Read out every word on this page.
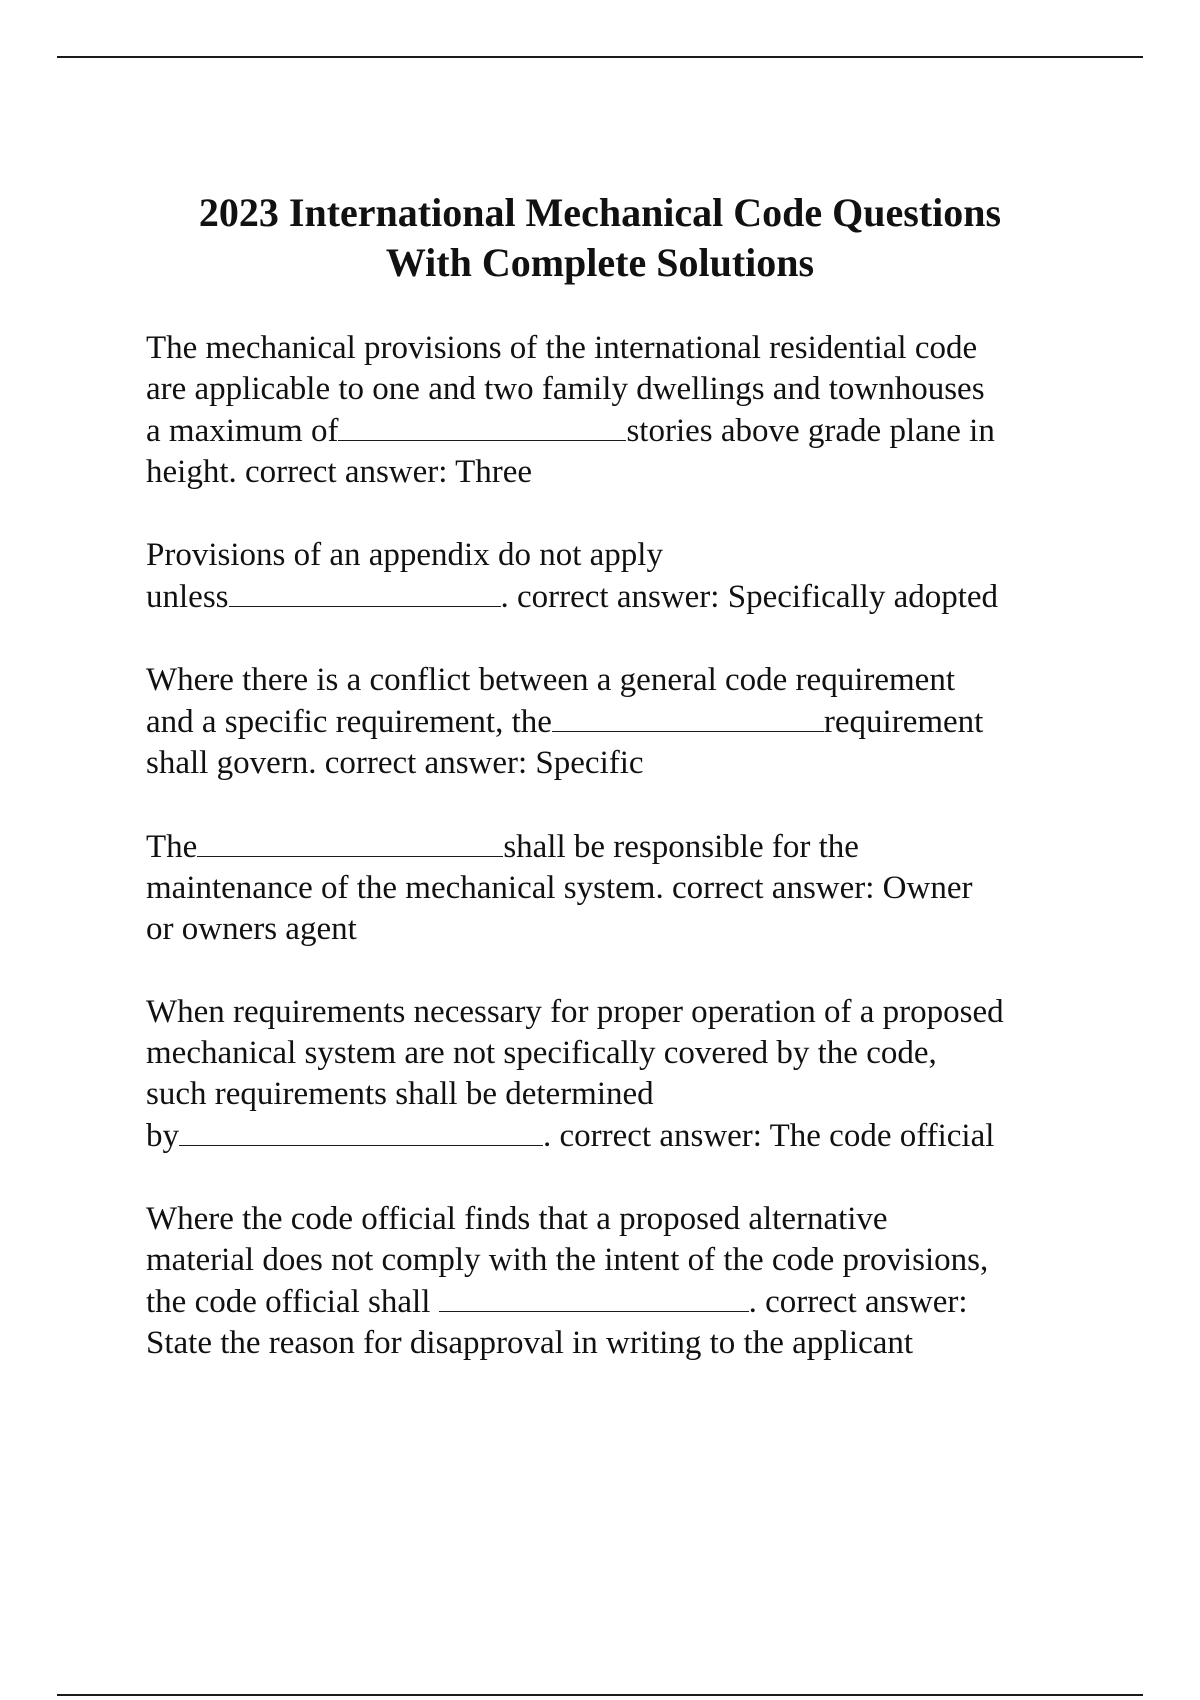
2023 International Mechanical Code Questions
With Complete Solutions
The mechanical provisions of the international residential code
are applicable to one and two family dwellings and townhouses
a maximum of	stories above grade plane in
height. correct answer: Three
Provisions of an appendix do not apply
unless	. correct answer: Specifically adopted
Where there is a conflict between a general code requirement
and a specific requirement, the	requirement
shall govern. correct answer: Specific
The	shall be responsible for the
maintenance of the mechanical system. correct answer: Owner
or owners agent
When requirements necessary for proper operation of a proposed
mechanical system are not specifically covered by the code,
such requirements shall be determined
by	. correct answer: The code official
Where the code official finds that a proposed alternative
material does not comply with the intent of the code provisions,
the code official shall	. correct answer:
State the reason for disapproval in writing to the applicant
